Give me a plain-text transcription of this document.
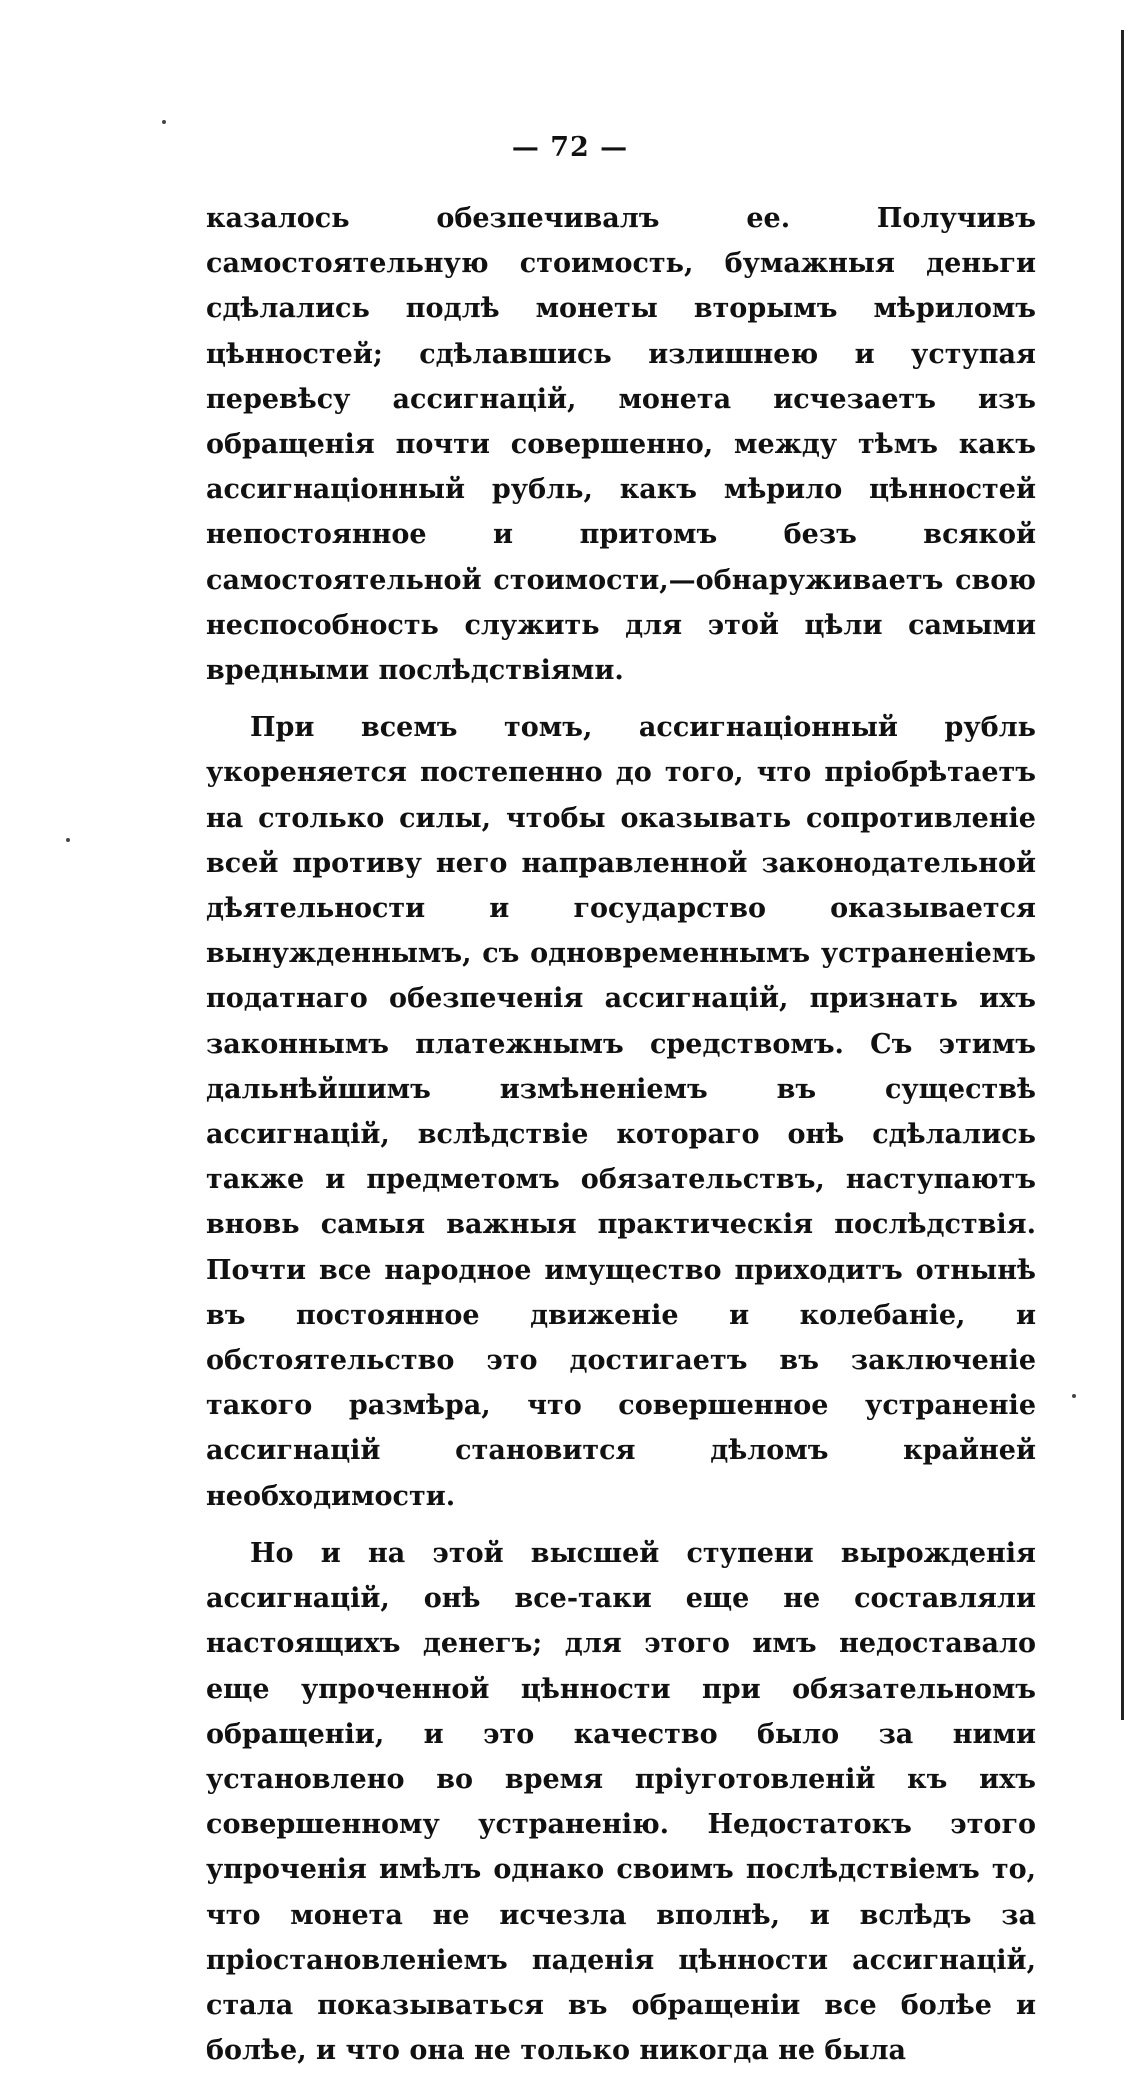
— 72 —

казалось обезпечивалъ ее. Получивъ самостоятельную стоимость, бумажныя деньги сдѣлались подлѣ монеты вторымъ мѣриломъ цѣнностей; сдѣлавшись излишнею и уступая перевѣсу ассигнацій, монета исчезаетъ изъ обращенія почти совершенно, между тѣмъ какъ ассигнаціонный рубль, какъ мѣрило цѣнностей непостоянное и притомъ безъ всякой самостоятельной стоимости,—обнаруживаетъ свою неспособность служить для этой цѣли самыми вредными послѣдствіями.

При всемъ томъ, ассигнаціонный рубль укореняется постепенно до того, что пріобрѣтаетъ на столько силы, чтобы оказывать сопротивленіе всей противу него направленной законодательной дѣятельности и государство оказывается вынужденнымъ, съ одновременнымъ устраненіемъ податнаго обезпеченія ассигнацій, признать ихъ законнымъ платежнымъ средствомъ. Съ этимъ дальнѣйшимъ измѣненіемъ въ существѣ ассигнацій, вслѣдствіе котораго онѣ сдѣлались также и предметомъ обязательствъ, наступаютъ вновь самыя важныя практическія послѣдствія. Почти все народное имущество приходитъ отнынѣ въ постоянное движеніе и колебаніе, и обстоятельство это достигаетъ въ заключеніе такого размѣра, что совершенное устраненіе ассигнацій становится дѣломъ крайней необходимости.

Но и на этой высшей ступени вырожденія ассигнацій, онѣ все-таки еще не составляли настоящихъ денегъ; для этого имъ недоставало еще упроченной цѣнности при обязательномъ обращеніи, и это качество было за ними установлено во время пріуготовленій къ ихъ совершенному устраненію. Недостатокъ этого упроченія имѣлъ однако своимъ послѣдствіемъ то, что монета не исчезла вполнѣ, и вслѣдъ за пріостановленіемъ паденія цѣнности ассигнацій, стала показываться въ обращеніи все болѣе и болѣе, и что она не только никогда не была
